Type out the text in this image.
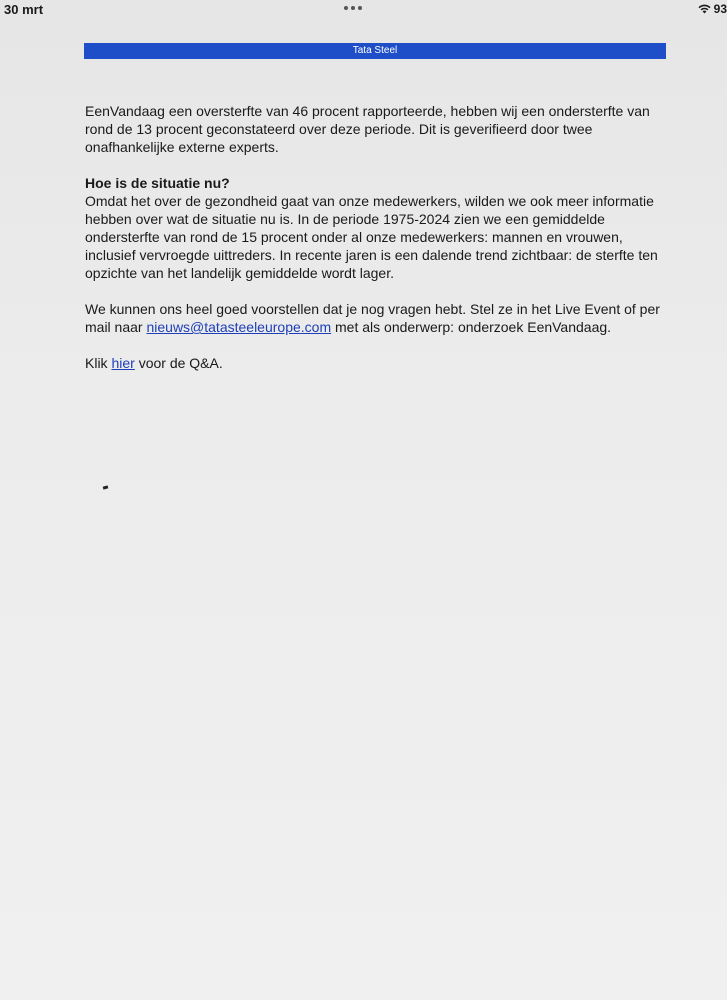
30 mrt	93
Tata Steel

EenVandaag een oversterfte van 46 procent rapporteerde, hebben wij een ondersterfte van rond de 13 procent geconstateerd over deze periode. Dit is geverifieerd door twee onafhankelijke externe experts.

Hoe is de situatie nu?
Omdat het over de gezondheid gaat van onze medewerkers, wilden we ook meer informatie hebben over wat de situatie nu is. In de periode 1975-2024 zien we een gemiddelde ondersterfte van rond de 15 procent onder al onze medewerkers: mannen en vrouwen, inclusief vervroegde uittreders. In recente jaren is een dalende trend zichtbaar: de sterfte ten opzichte van het landelijk gemiddelde wordt lager.

We kunnen ons heel goed voorstellen dat je nog vragen hebt. Stel ze in het Live Event of per mail naar nieuws@tatasteeleurope.com met als onderwerp: onderzoek EenVandaag.

Klik hier voor de Q&A.
